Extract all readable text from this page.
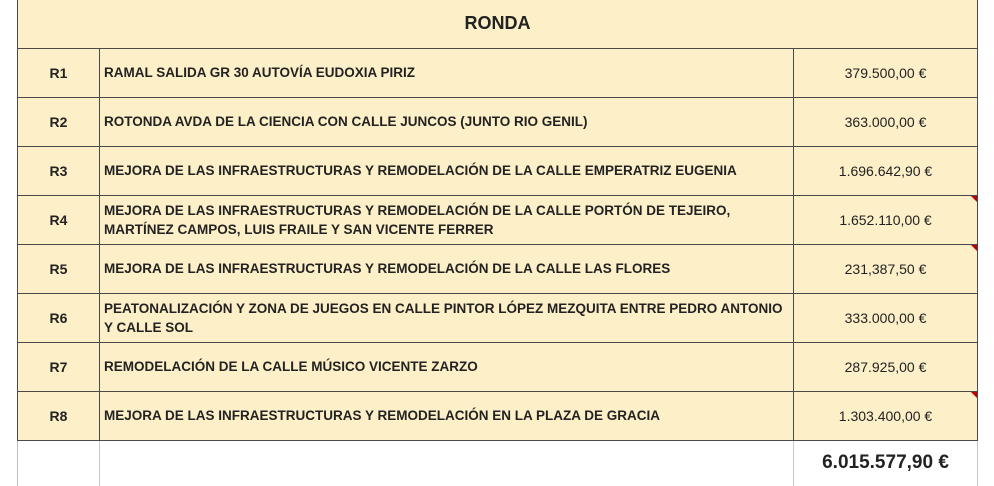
RONDA		
R1	RAMAL SALIDA GR 30 AUTOVÍA EUDOXIA PIRIZ	379.500,00 €
R2	ROTONDA AVDA DE LA CIENCIA CON CALLE JUNCOS (JUNTO RIO GENIL)	363.000,00 €
R3	MEJORA DE LAS INFRAESTRUCTURAS Y REMODELACIÓN DE LA CALLE EMPERATRIZ EUGENIA	1.696.642,90 €
R4	MEJORA DE LAS INFRAESTRUCTURAS Y REMODELACIÓN DE LA CALLE PORTÓN DE TEJEIRO, MARTÍNEZ CAMPOS, LUIS FRAILE Y SAN VICENTE FERRER	1.652.110,00 €
R5	MEJORA DE LAS INFRAESTRUCTURAS Y REMODELACIÓN DE LA CALLE LAS FLORES	231,387,50 €
R6	PEATONALIZACIÓN Y ZONA DE JUEGOS EN CALLE PINTOR LÓPEZ MEZQUITA ENTRE PEDRO ANTONIO Y CALLE SOL	333.000,00 €
R7	REMODELACIÓN DE LA CALLE MÚSICO VICENTE ZARZO	287.925,00 €
R8	MEJORA DE LAS INFRAESTRUCTURAS Y REMODELACIÓN EN LA PLAZA DE GRACIA	1.303.400,00 €
		6.015.577,90 €
